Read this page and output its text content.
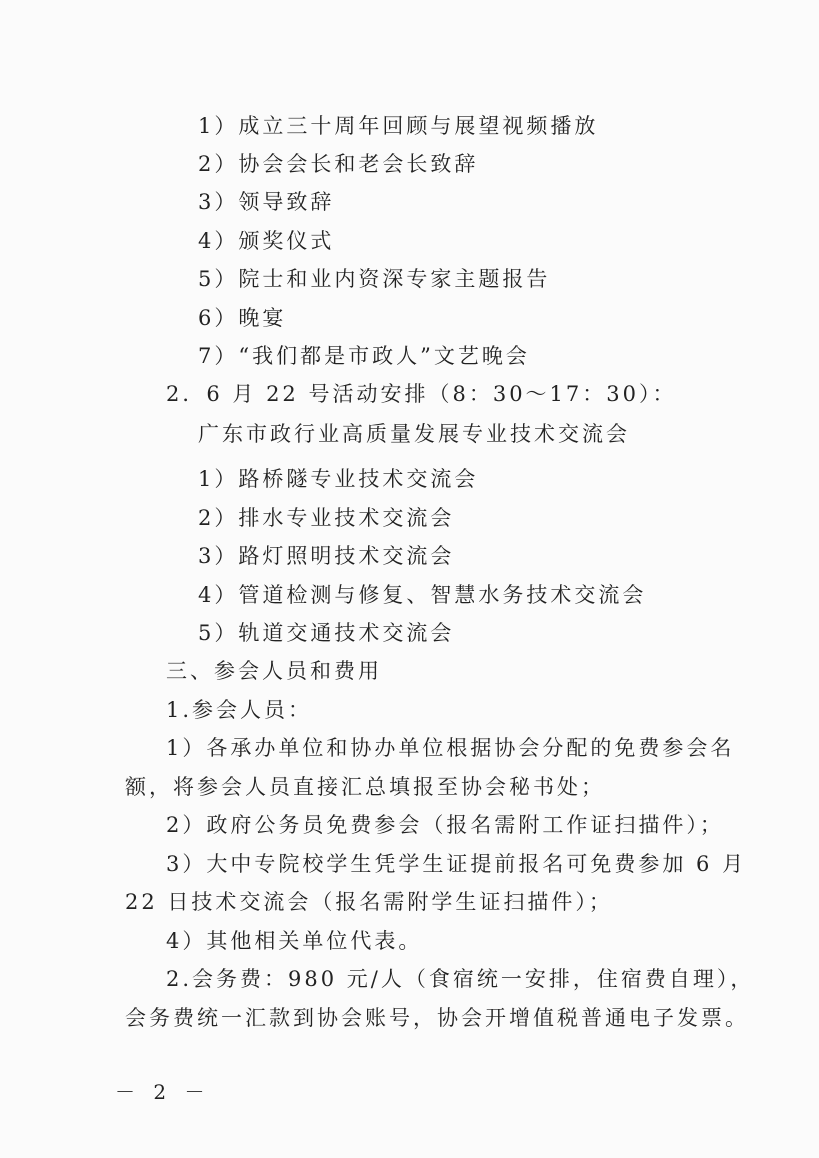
1）成立三十周年回顾与展望视频播放
2）协会会长和老会长致辞
3）领导致辞
4）颁奖仪式
5）院士和业内资深专家主题报告
6）晚宴
7）“我们都是市政人”文艺晚会
2．6 月 22 号活动安排（8：30～17：30）：
广东市政行业高质量发展专业技术交流会
1）路桥隧专业技术交流会
2）排水专业技术交流会
3）路灯照明技术交流会
4）管道检测与修复、智慧水务技术交流会
5）轨道交通技术交流会
三、参会人员和费用
1.参会人员：
1）各承办单位和协办单位根据协会分配的免费参会名
额，将参会人员直接汇总填报至协会秘书处；
2）政府公务员免费参会（报名需附工作证扫描件）；
3）大中专院校学生凭学生证提前报名可免费参加 6 月
22 日技术交流会（报名需附学生证扫描件）；
4）其他相关单位代表。
2.会务费：980 元/人（食宿统一安排，住宿费自理），
会务费统一汇款到协会账号，协会开增值税普通电子发票。
－ 2 －
